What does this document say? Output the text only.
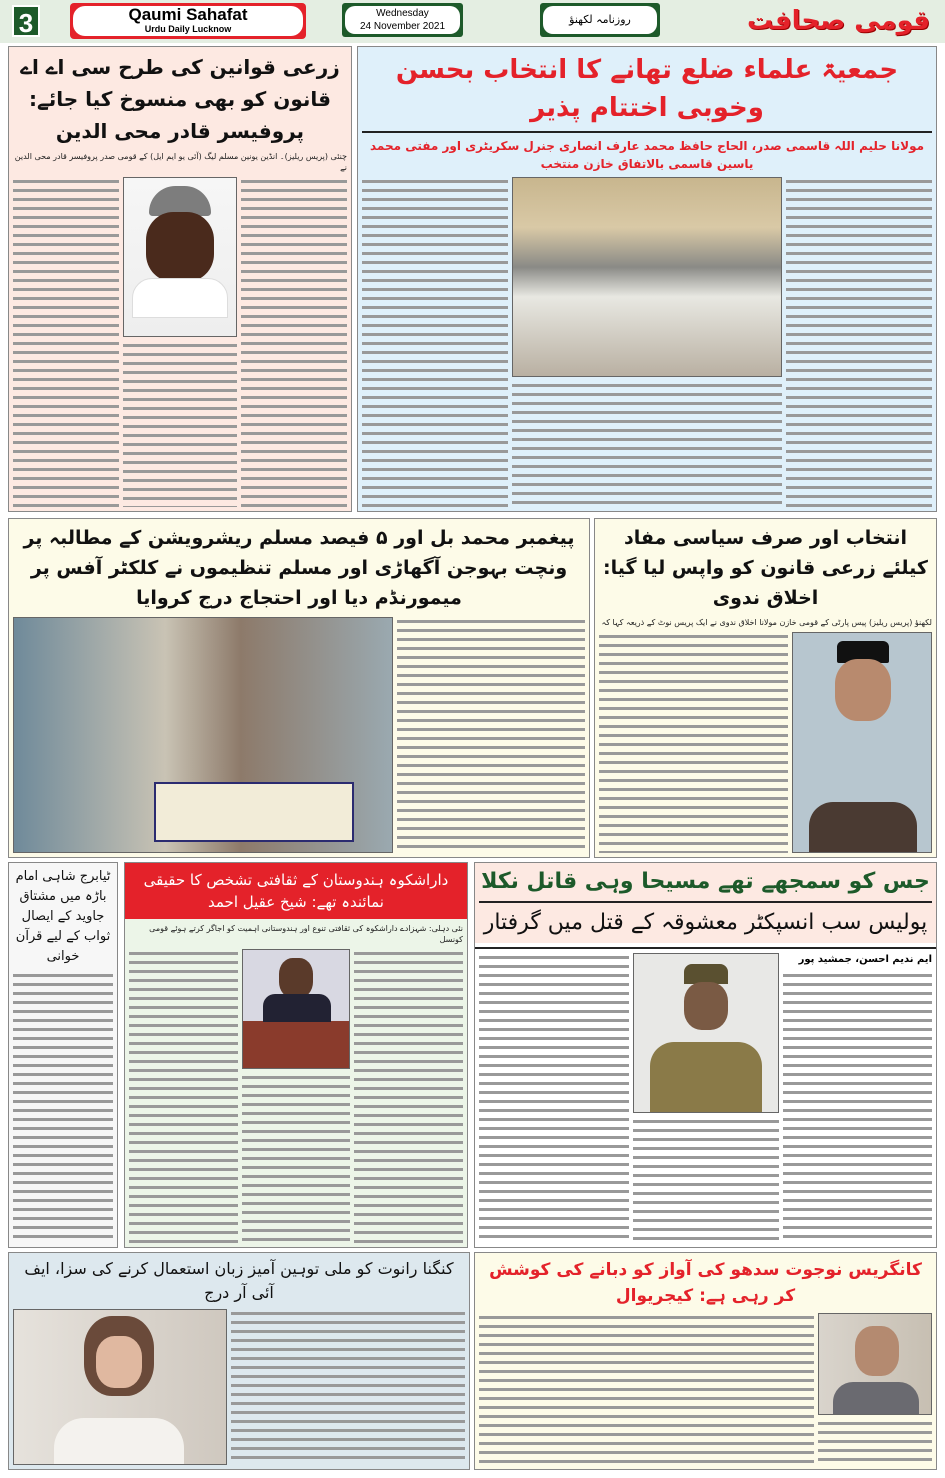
3	Qaumi Sahafat
Urdu Daily Lucknow
Wednesday
24 November 2021
روزنامہ لکھنؤ	قومی صحافت
زرعی قوانین کی طرح سی اے اے قانون کو بھی منسوخ کیا جائے: پروفیسر قادر محی الدین
چنئی (پریس ریلیز)۔ انڈین یونین مسلم لیگ (آئی یو ایم ایل) کے قومی صدر پروفیسر قادر محی الدین نے
جمعیۃ علماء ضلع تھانے کا انتخاب بحسن وخوبی اختتام پذیر
مولانا حلیم اللہ قاسمی صدر، الحاج حافظ محمد عارف انصاری جنرل سکریٹری اور مفتی محمد یاسین قاسمی بالاتفاق خازن منتخب
پیغمبر محمد بل اور ۵ فیصد مسلم ریشرویشن کے مطالبہ پر ونچت بہوجن آگھاڑی اور مسلم تنظیموں نے کلکٹر آفس پر میمورنڈم دیا اور احتجاج درج کروایا
انتخاب اور صرف سیاسی مفاد کیلئے زرعی قانون کو واپس لیا گیا: اخلاق ندوی
لکھنؤ (پریس ریلیز) پیس پارٹی کے قومی خازن مولانا اخلاق ندوی نے ایک پریس نوٹ کے ذریعہ کہا کہ
ٹیابرج شاہی امام باڑہ میں مشتاق جاوید کے ایصال ثواب کے لیے قرآن خوانی
داراشکوہ ہندوستان کے ثقافتی تشخص کا حقیقی نمائندہ تھے: شیخ عقیل احمد
نئی دہلی: شہزادے داراشکوہ کی ثقافتی تنوع اور ہندوستانی اہمیت کو اجاگر کرتے ہوئے قومی کونسل
جس کو سمجھے تھے مسیحا وہی قاتل نکلا
پولیس سب انسپکٹر معشوقہ کے قتل میں گرفتار
ایم ندیم احسن، جمشید پور
کنگنا رانوت کو ملی توہین آمیز زبان استعمال کرنے کی سزا، ایف آئی آر درج
کانگریس نوجوت سدھو کی آواز کو دبانے کی کوشش کر رہی ہے: کیجریوال
